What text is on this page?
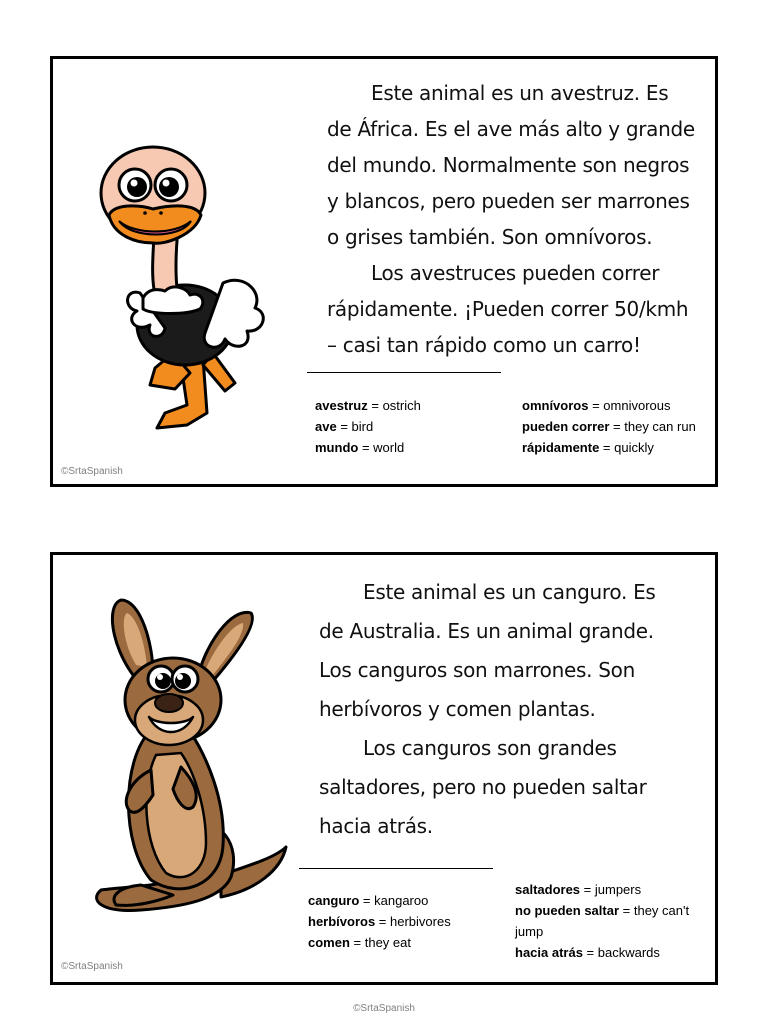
Este animal es un avestruz. Es de África. Es el ave más alto y grande del mundo. Normalmente son negros y blancos, pero pueden ser marrones o grises también. Son omnívoros.

Los avestruces pueden correr rápidamente. ¡Pueden correr 50/kmh – casi tan rápido como un carro!

avestruz = ostrich
ave = bird
mundo = world
omnívoros = omnivorous
pueden correr = they can run
rápidamente = quickly
©SrtaSpanish

Este animal es un canguro. Es de Australia. Es un animal grande. Los canguros son marrones. Son herbívoros y comen plantas.

Los canguros son grandes saltadores, pero no pueden saltar hacia atrás.

canguro = kangaroo
herbívoros = herbivores
comen = they eat
saltadores = jumpers
no pueden saltar = they can't jump
hacia atrás = backwards
©SrtaSpanish
©SrtaSpanish
